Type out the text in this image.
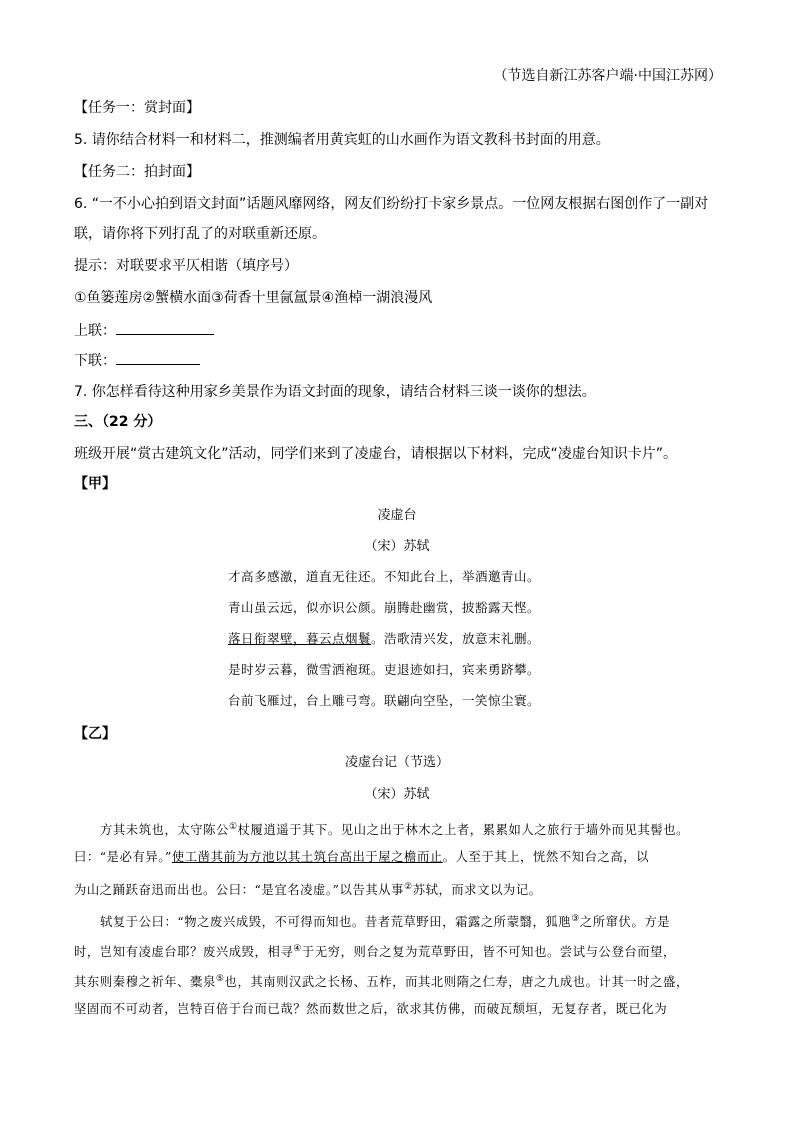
（节选自新江苏客户端·中国江苏网）
【任务一：赏封面】
5. 请你结合材料一和材料二，推测编者用黄宾虹的山水画作为语文教科书封面的用意。
【任务二：拍封面】
6. “一不小心拍到语文封面”话题风靡网络，网友们纷纷打卡家乡景点。一位网友根据右图创作了一副对
联，请你将下列打乱了的对联重新还原。
提示：对联要求平仄相谐（填序号）
①鱼篓莲房②蟹横水面③荷香十里氤氲景④渔棹一湖浪漫风
上联：
下联：
7. 你怎样看待这种用家乡美景作为语文封面的现象，请结合材料三谈一谈你的想法。
三、（22 分）
班级开展“赏古建筑文化”活动，同学们来到了凌虚台，请根据以下材料，完成“凌虚台知识卡片”。
【甲】
凌虚台
（宋）苏轼
才高多感激，道直无往还。不知此台上，举酒邀青山。
青山虽云远，似亦识公颜。崩腾赴幽赏，披豁露天悭。
落日衔翠壁，暮云点烟鬟。浩歌清兴发，放意末礼删。
是时岁云暮，微雪洒袍斑。吏退迹如扫，宾来勇跻攀。
台前飞雁过，台上雕弓弯。联翩向空坠，一笑惊尘寰。
【乙】
凌虚台记（节选）
（宋）苏轼
方其未筑也，太守陈公①杖履逍遥于其下。见山之出于林木之上者，累累如人之旅行于墙外而见其髻也。
曰：“是必有异。”使工凿其前为方池以其土筑台高出于屋之檐而止。人至于其上，恍然不知台之高，以
为山之踊跃奋迅而出也。公曰：“是宜名凌虚。”以告其从事②苏轼，而求文以为记。
轼复于公曰：“物之废兴成毁，不可得而知也。昔者荒草野田，霜露之所蒙翳，狐虺③之所窜伏。方是
时，岂知有凌虚台耶？废兴成毁，相寻④于无穷，则台之复为荒草野田，皆不可知也。尝试与公登台而望，
其东则秦穆之祈年、橐泉⑤也，其南则汉武之长杨、五柞，而其北则隋之仁寿，唐之九成也。计其一时之盛，
坚固而不可动者，岂特百倍于台而已哉？然而数世之后，欲求其仿佛，而破瓦颓垣，无复存者，既已化为
